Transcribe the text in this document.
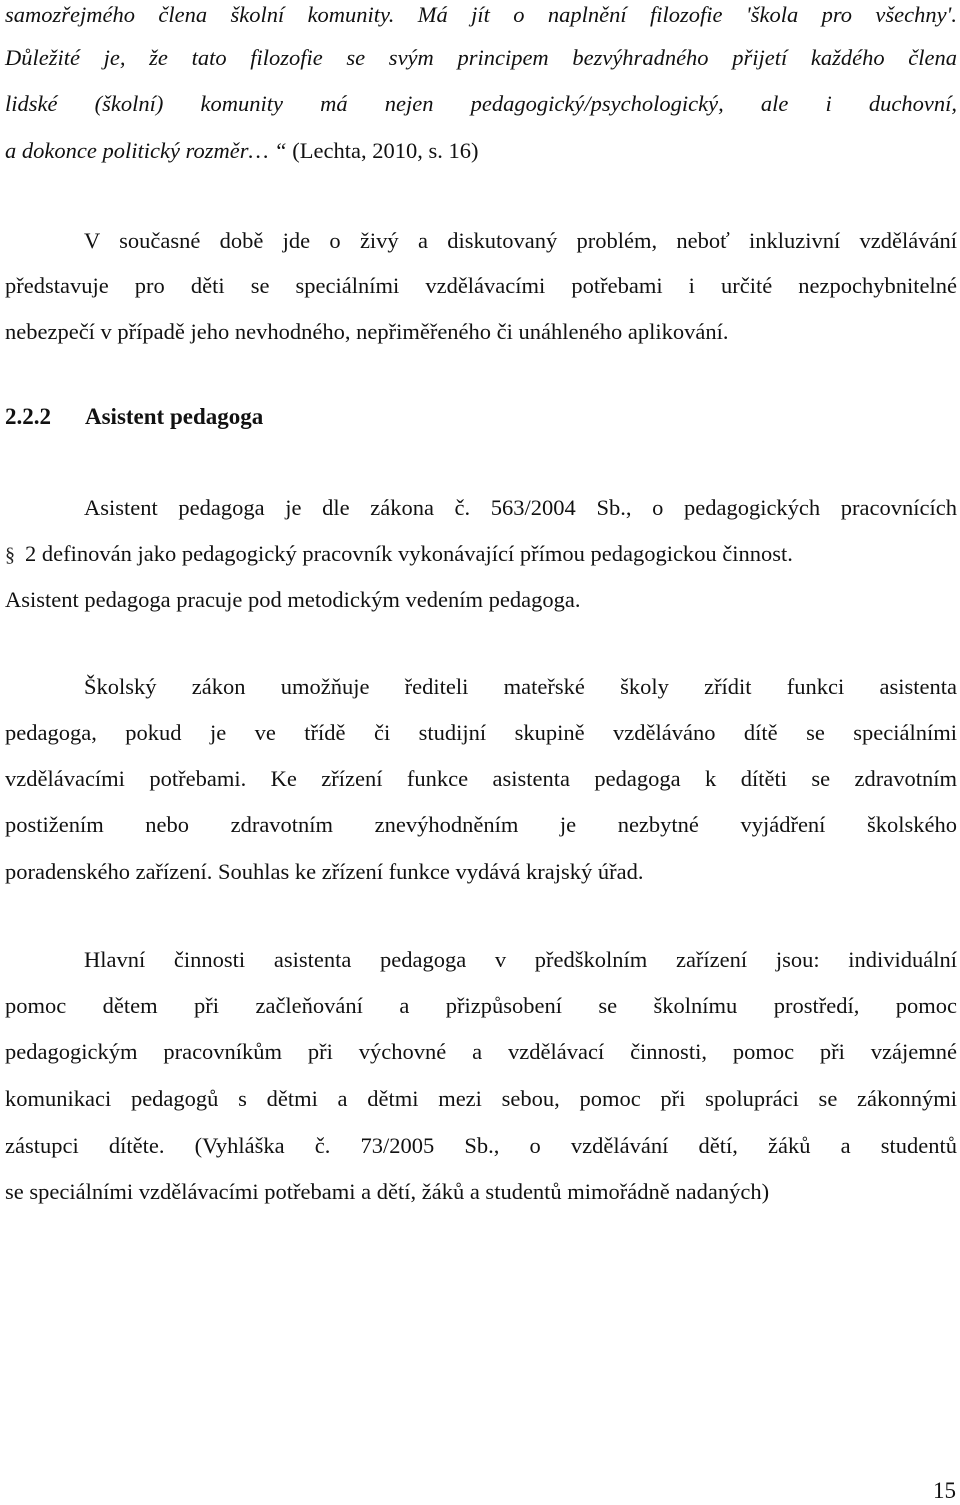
samozřejmého člena školní komunity. Má jít o naplnění filozofie 'škola pro všechny'.
Důležité je, že tato filozofie se svým principem bezvýhradného přijetí každého člena
lidské (školní) komunity má nejen pedagogický/psychologický, ale i duchovní,
a dokonce politický rozměr… “ (Lechta, 2010, s. 16)
V současné době jde o živý a diskutovaný problém, neboť inkluzivní vzdělávání
představuje pro děti se speciálními vzdělávacími potřebami i určité nezpochybnitelné
nebezpečí v případě jeho nevhodného, nepřiměřeného či unáhleného aplikování.
2.2.2 Asistent pedagoga
Asistent pedagoga je dle zákona č. 563/2004 Sb., o pedagogických pracovnících
§ 2 definován jako pedagogický pracovník vykonávající přímou pedagogickou činnost.
Asistent pedagoga pracuje pod metodickým vedením pedagoga.
Školský zákon umožňuje řediteli mateřské školy zřídit funkci asistenta
pedagoga, pokud je ve třídě či studijní skupině vzděláváno dítě se speciálními
vzdělávacími potřebami. Ke zřízení funkce asistenta pedagoga k dítěti se zdravotním
postižením nebo zdravotním znevýhodněním je nezbytné vyjádření školského
poradenského zařízení. Souhlas ke zřízení funkce vydává krajský úřad.
Hlavní činnosti asistenta pedagoga v předškolním zařízení jsou: individuální
pomoc dětem při začleňování a přizpůsobení se školnímu prostředí, pomoc
pedagogickým pracovníkům při výchovné a vzdělávací činnosti, pomoc při vzájemné
komunikaci pedagogů s dětmi a dětmi mezi sebou, pomoc při spolupráci se zákonnými
zástupci dítěte. (Vyhláška č. 73/2005 Sb., o vzdělávání dětí, žáků a studentů
se speciálními vzdělávacími potřebami a dětí, žáků a studentů mimořádně nadaných)
15
